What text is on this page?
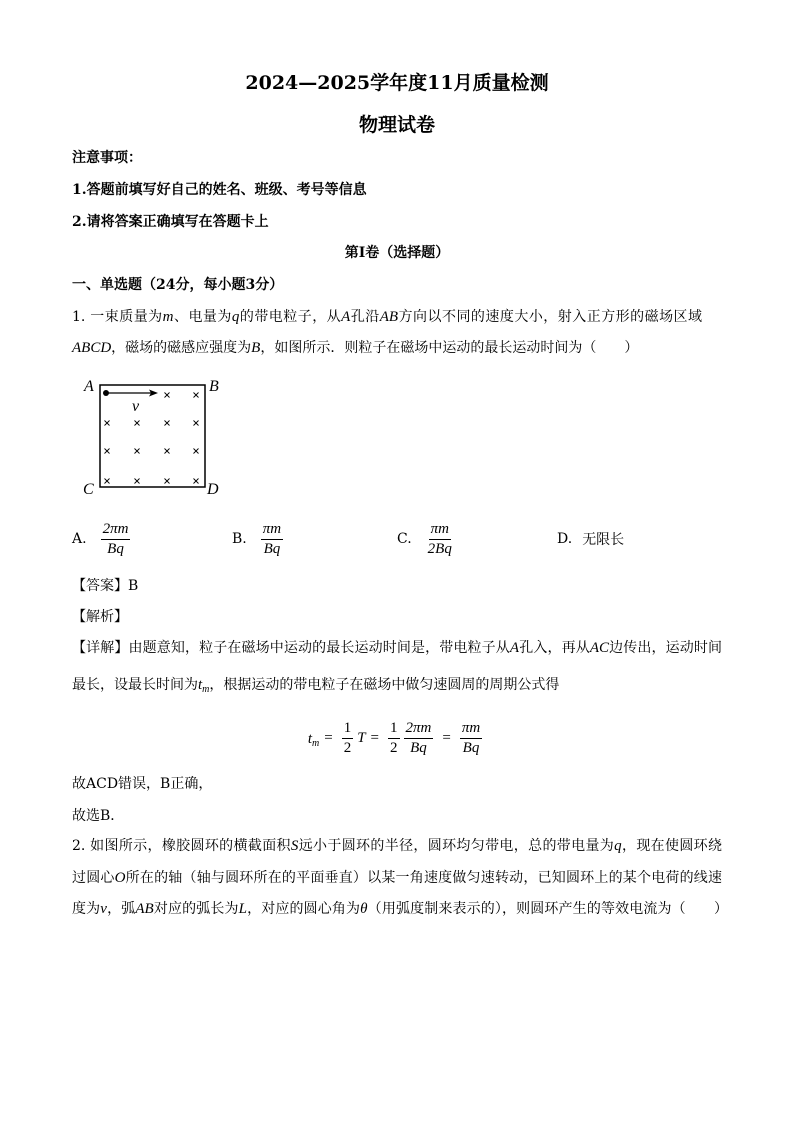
2024—2025学年度11月质量检测
物理试卷
注意事项：
1.答题前填写好自己的姓名、班级、考号等信息
2.请将答案正确填写在答题卡上
第I卷（选择题）
一、单选题（24分，每小题3分）
1. 一束质量为m、电量为q的带电粒子，从A孔沿AB方向以不同的速度大小，射入正方形的磁场区域
ABCD，磁场的磁感应强度为B，如图所示．则粒子在磁场中运动的最长运动时间为（　　）
A	B
C	D
v
A. $\frac{2\pi m}{Bq}$	B. $\frac{\pi m}{Bq}$	C. $\frac{\pi m}{2Bq}$	D. 无限长
【答案】B
【解析】
【详解】由题意知，粒子在磁场中运动的最长运动时间是，带电粒子从A孔入，再从AC边传出，运动时间
最长，设最长时间为$t_m$，根据运动的带电粒子在磁场中做匀速圆周的周期公式得
$t_m = \frac{1}{2}$ $T = \frac{1}{2} \frac{2\pi m}{Bq} = \frac{\pi m}{Bq}$
故ACD错误，B正确，
故选B．
2. 如图所示，橡胶圆环的横截面积S远小于圆环的半径，圆环均匀带电，总的带电量为q，现在使圆环绕
过圆心O所在的轴（轴与圆环所在的平面垂直）以某一角速度做匀速转动，已知圆环上的某个电荷的线速
度为v，弧AB对应的弧长为L，对应的圆心角为θ（用弧度制来表示的），则圆环产生的等效电流为（　　）
